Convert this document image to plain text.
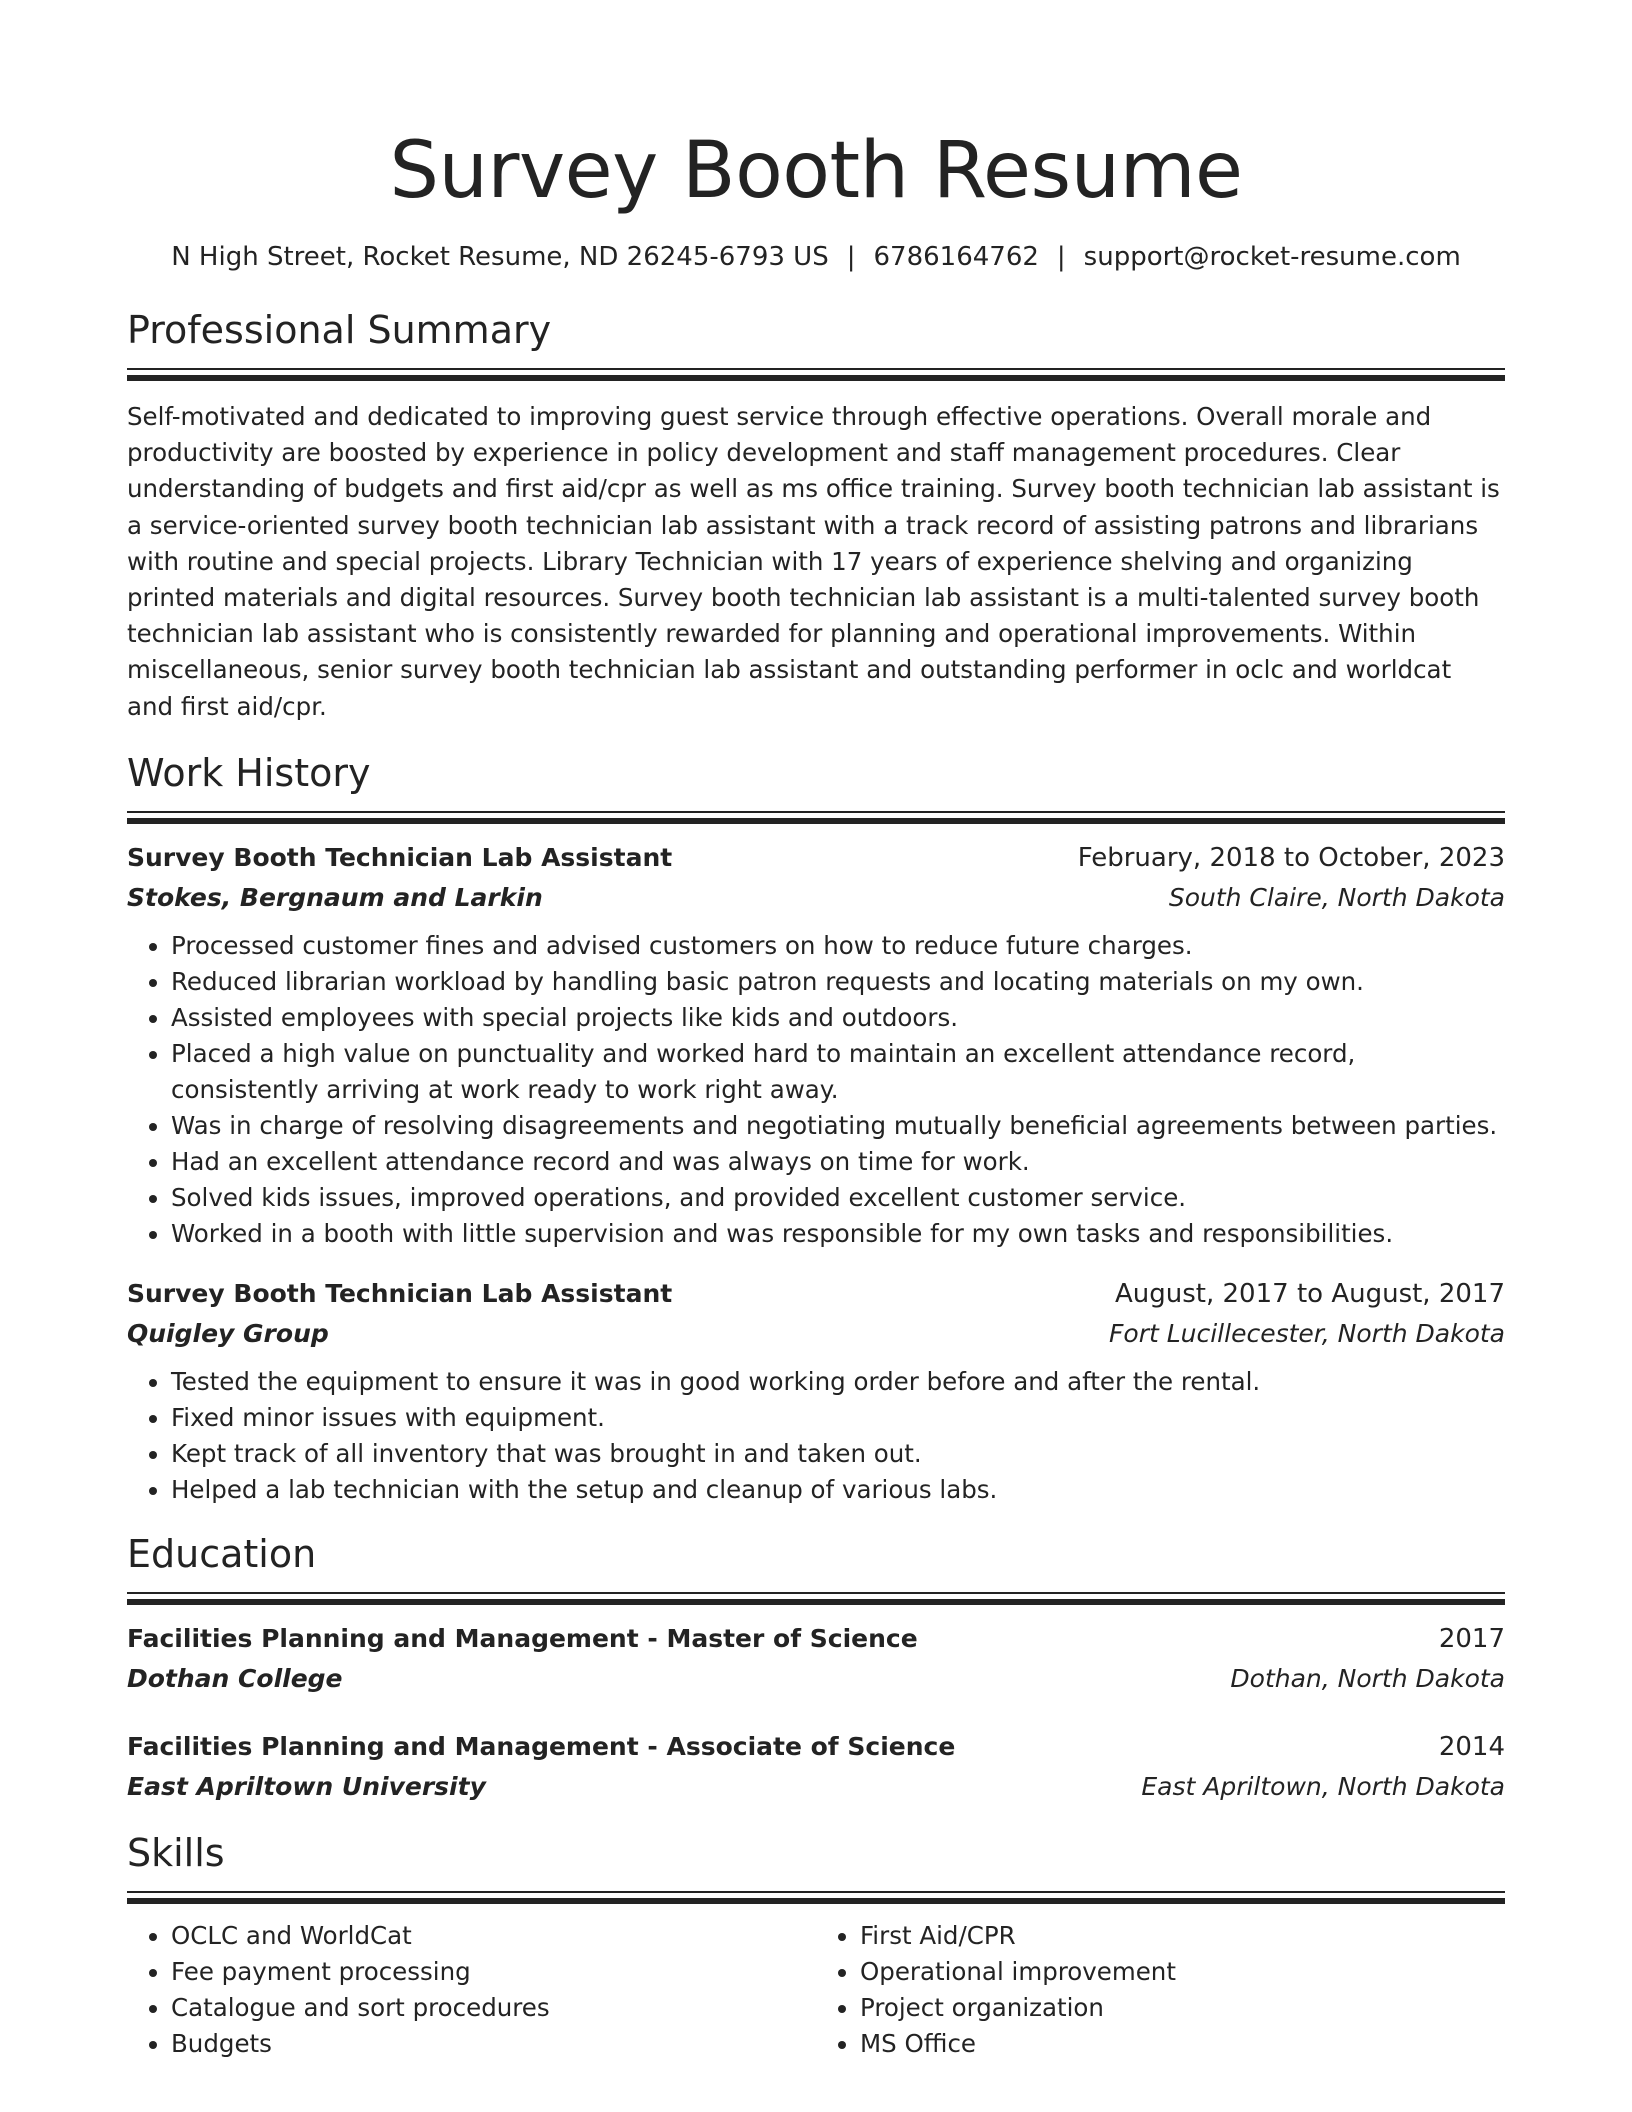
Survey Booth Resume
N High Street, Rocket Resume, ND 26245-6793 US | 6786164762 | support@rocket-resume.com
Professional Summary
Self-motivated and dedicated to improving guest service through effective operations. Overall morale and productivity are boosted by experience in policy development and staff management procedures. Clear understanding of budgets and first aid/cpr as well as ms office training. Survey booth technician lab assistant is a service-oriented survey booth technician lab assistant with a track record of assisting patrons and librarians with routine and special projects. Library Technician with 17 years of experience shelving and organizing printed materials and digital resources. Survey booth technician lab assistant is a multi-talented survey booth technician lab assistant who is consistently rewarded for planning and operational improvements. Within miscellaneous, senior survey booth technician lab assistant and outstanding performer in oclc and worldcat and first aid/cpr.
Work History
Survey Booth Technician Lab Assistant	February, 2018 to October, 2023
Stokes, Bergnaum and Larkin	South Claire, North Dakota
• Processed customer fines and advised customers on how to reduce future charges.
• Reduced librarian workload by handling basic patron requests and locating materials on my own.
• Assisted employees with special projects like kids and outdoors.
• Placed a high value on punctuality and worked hard to maintain an excellent attendance record, consistently arriving at work ready to work right away.
• Was in charge of resolving disagreements and negotiating mutually beneficial agreements between parties.
• Had an excellent attendance record and was always on time for work.
• Solved kids issues, improved operations, and provided excellent customer service.
• Worked in a booth with little supervision and was responsible for my own tasks and responsibilities.
Survey Booth Technician Lab Assistant	August, 2017 to August, 2017
Quigley Group	Fort Lucillecester, North Dakota
• Tested the equipment to ensure it was in good working order before and after the rental.
• Fixed minor issues with equipment.
• Kept track of all inventory that was brought in and taken out.
• Helped a lab technician with the setup and cleanup of various labs.
Education
Facilities Planning and Management - Master of Science	2017
Dothan College	Dothan, North Dakota
Facilities Planning and Management - Associate of Science	2014
East Apriltown University	East Apriltown, North Dakota
Skills
• OCLC and WorldCat
• Fee payment processing
• Catalogue and sort procedures
• Budgets
• First Aid/CPR
• Operational improvement
• Project organization
• MS Office
